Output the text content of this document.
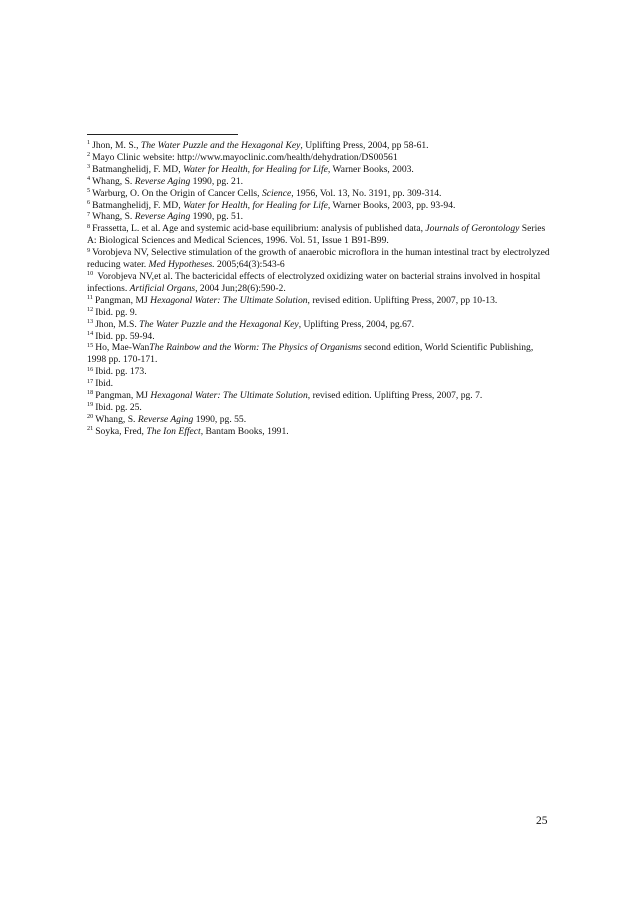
$^1$ Jhon, M. S., The Water Puzzle and the Hexagonal Key, Uplifting Press, 2004, pp 58-61.

$^2$ Mayo Clinic website: http://www.mayoclinic.com/health/dehydration/DS00561

$^3$ Batmanghelidj, F. MD, Water for Health, for Healing for Life, Warner Books, 2003.

$^4$ Whang, S. Reverse Aging 1990, pg. 21.

$^5$ Warburg, O. On the Origin of Cancer Cells, Science, 1956, Vol. 13, No. 3191, pp. 309-314.

$^6$ Batmanghelidj, F. MD, Water for Health, for Healing for Life, Warner Books, 2003, pp. 93-94.

$^7$ Whang, S. Reverse Aging 1990, pg. 51.

$^8$ Frassetta, L. et al. Age and systemic acid-base equilibrium: analysis of published data, Journals of Gerontology Series A: Biological Sciences and Medical Sciences, 1996. Vol. 51, Issue 1 B91-B99.

$^9$ Vorobjeva NV, Selective stimulation of the growth of anaerobic microflora in the human intestinal tract by electrolyzed reducing water. Med Hypotheses. 2005;64(3):543-6

$^{10}$ Vorobjeva NV,et al. The bactericidal effects of electrolyzed oxidizing water on bacterial strains involved in hospital infections. Artificial Organs, 2004 Jun;28(6):590-2.

$^{11}$ Pangman, MJ Hexagonal Water: The Ultimate Solution, revised edition. Uplifting Press, 2007, pp 10-13.

$^{12}$ Ibid. pg. 9.

$^{13}$ Jhon, M.S. The Water Puzzle and the Hexagonal Key, Uplifting Press, 2004, pg.67.

$^{14}$ Ibid. pp. 59-94.

$^{15}$ Ho, Mae-WanThe Rainbow and the Worm: The Physics of Organisms second edition, World Scientific Publishing, 1998 pp. 170-171.

$^{16}$ Ibid. pg. 173.

$^{17}$ Ibid.

$^{18}$ Pangman, MJ Hexagonal Water: The Ultimate Solution, revised edition. Uplifting Press, 2007, pg. 7.

$^{19}$ Ibid. pg. 25.

$^{20}$ Whang, S. Reverse Aging 1990, pg. 55.

$^{21}$ Soyka, Fred, The Ion Effect, Bantam Books, 1991.

25
